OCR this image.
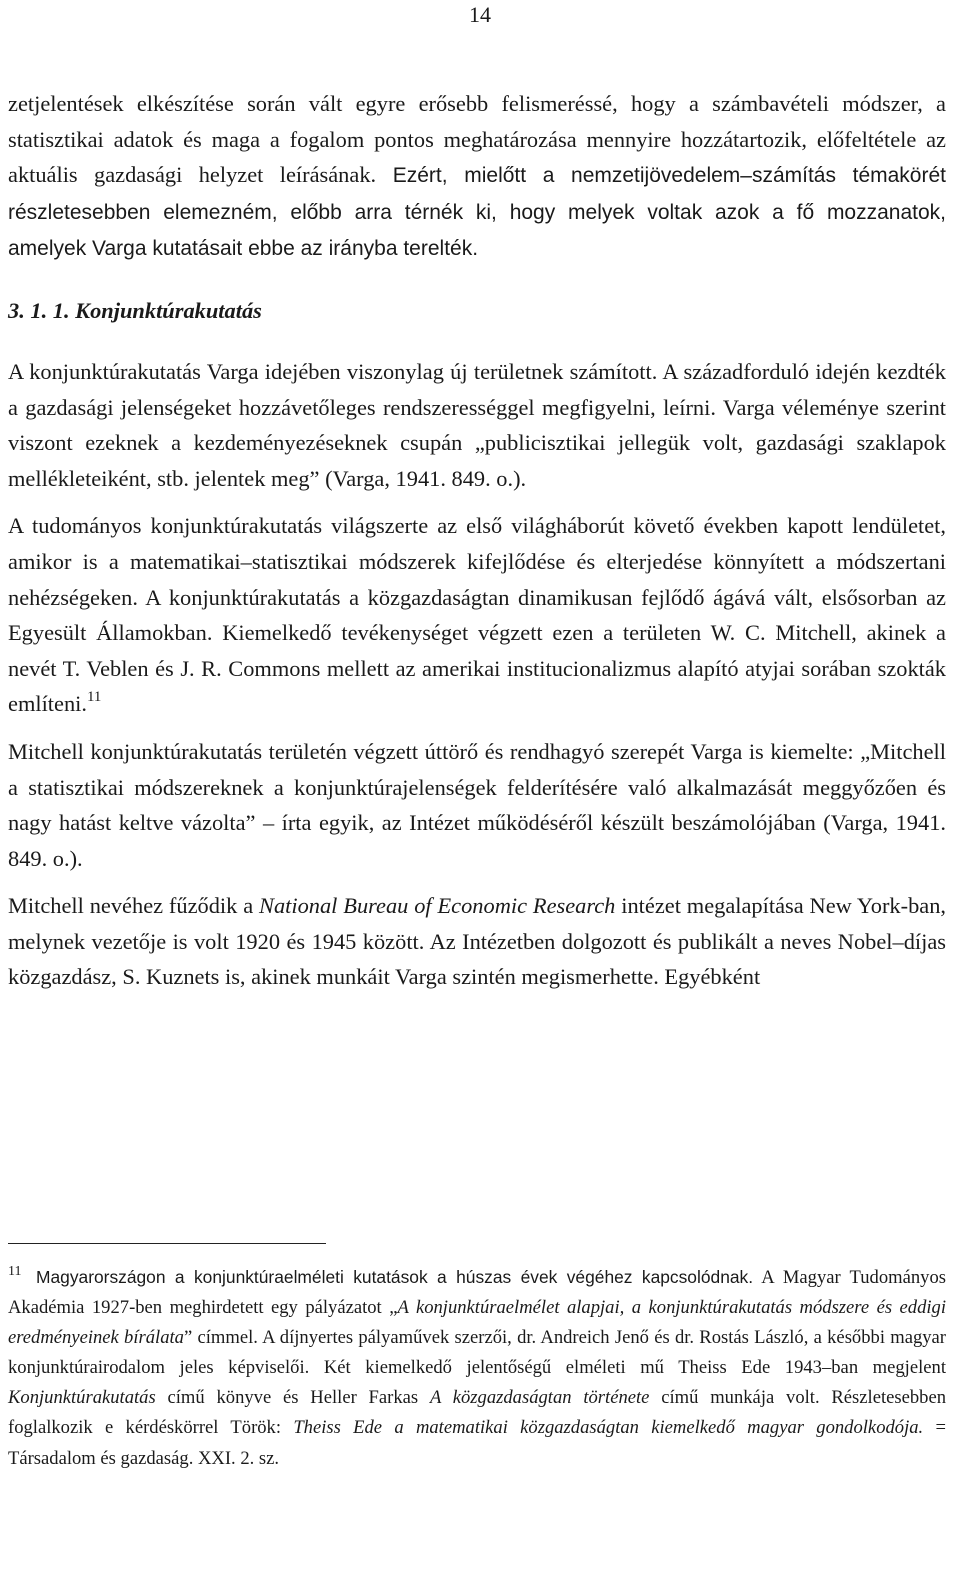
14

zetjelentések elkészítése során vált egyre erősebb felismeréssé, hogy a számbavételi módszer, a statisztikai adatok és maga a fogalom pontos meghatározása mennyire hozzátartozik, előfeltétele az aktuális gazdasági helyzet leírásának. Ezért, mielőtt a nemzetijövedelem–számítás témakörét részletesebben elemezném, előbb arra térnék ki, hogy melyek voltak azok a fő mozzanatok, amelyek Varga kutatásait ebbe az irányba terelték.

3. 1. 1. Konjunktúrakutatás

A konjunktúrakutatás Varga idejében viszonylag új területnek számított. A századforduló idején kezdték a gazdasági jelenségeket hozzávetőleges rendszerességgel megfigyelni, leírni. Varga véleménye szerint viszont ezeknek a kezdeményezéseknek csupán „publicisztikai jellegük volt, gazdasági szaklapok mellékleteiként, stb. jelentek meg” (Varga, 1941. 849. o.).

A tudományos konjunktúrakutatás világszerte az első világháborút követő években kapott lendületet, amikor is a matematikai–statisztikai módszerek kifejlődése és elterjedése könnyített a módszertani nehézségeken. A konjunktúrakutatás a közgazdaságtan dinamikusan fejlődő ágává vált, elsősorban az Egyesült Államokban. Kiemelkedő tevékenységet végzett ezen a területen W. C. Mitchell, akinek a nevét T. Veblen és J. R. Commons mellett az amerikai institucionalizmus alapító atyjai sorában szokták említeni.$^{11}$

Mitchell konjunktúrakutatás területén végzett úttörő és rendhagyó szerepét Varga is kiemelte: „Mitchell a statisztikai módszereknek a konjunktúrajelenségek felderítésére való alkalmazását meggyőzően és nagy hatást keltve vázolta” – írta egyik, az Intézet működéséről készült beszámolójában (Varga, 1941. 849. o.).

Mitchell nevéhez fűződik a National Bureau of Economic Research intézet megalapítása New York-ban, melynek vezetője is volt 1920 és 1945 között. Az Intézetben dolgozott és publikált a neves Nobel–díjas közgazdász, S. Kuznets is, akinek munkáit Varga szintén megismerhette. Egyébként

$^{11}$ Magyarországon a konjunktúraelméleti kutatások a húszas évek végéhez kapcsolódnak. A Magyar Tudományos Akadémia 1927-ben meghirdetett egy pályázatot „A konjunktúraelmélet alapjai, a konjunktúrakutatás módszere és eddigi eredményeinek bírálata” címmel. A díjnyertes pályaművek szerzői, dr. Andreich Jenő és dr. Rostás László, a későbbi magyar konjunktúrairodalom jeles képviselői. Két kiemelkedő jelentőségű elméleti mű Theiss Ede 1943–ban megjelent Konjunktúrakutatás című könyve és Heller Farkas A közgazdaságtan története című munkája volt. Részletesebben foglalkozik e kérdéskörrel Török: Theiss Ede a matematikai közgazdaságtan kiemelkedő magyar gondolkodója. = Társadalom és gazdaság. XXI. 2. sz.
